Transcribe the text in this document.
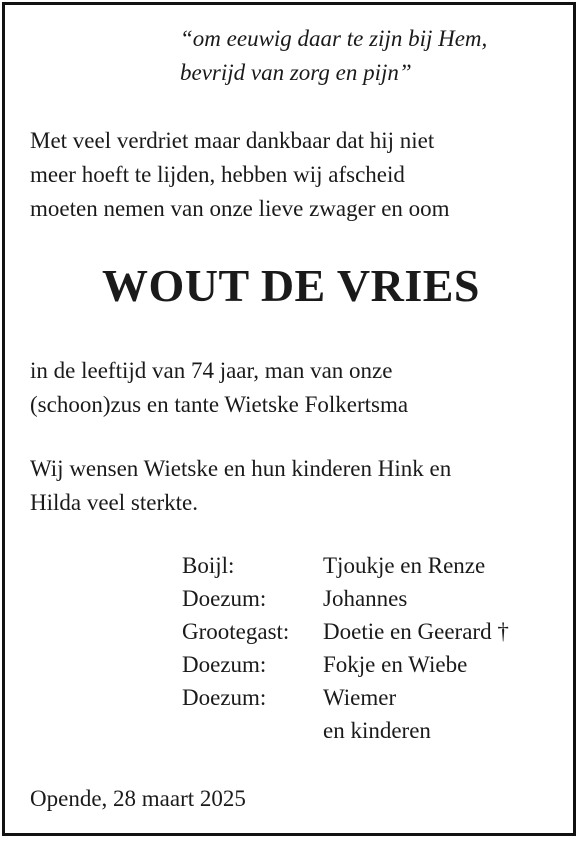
“om eeuwig daar te zijn bij Hem,
bevrijd van zorg en pijn”
Met veel verdriet maar dankbaar dat hij niet
meer hoeft te lijden, hebben wij afscheid
moeten nemen van onze lieve zwager en oom
WOUT DE VRIES
in de leeftijd van 74 jaar, man van onze
(schoon)zus en tante Wietske Folkertsma
Wij wensen Wietske en hun kinderen Hink en
Hilda veel sterkte.
Boijl:	Tjoukje en Renze
Doezum:	Johannes
Grootegast:	Doetie en Geerard †
Doezum:	Fokje en Wiebe
Doezum:	Wiemer
en kinderen
Opende, 28 maart 2025
